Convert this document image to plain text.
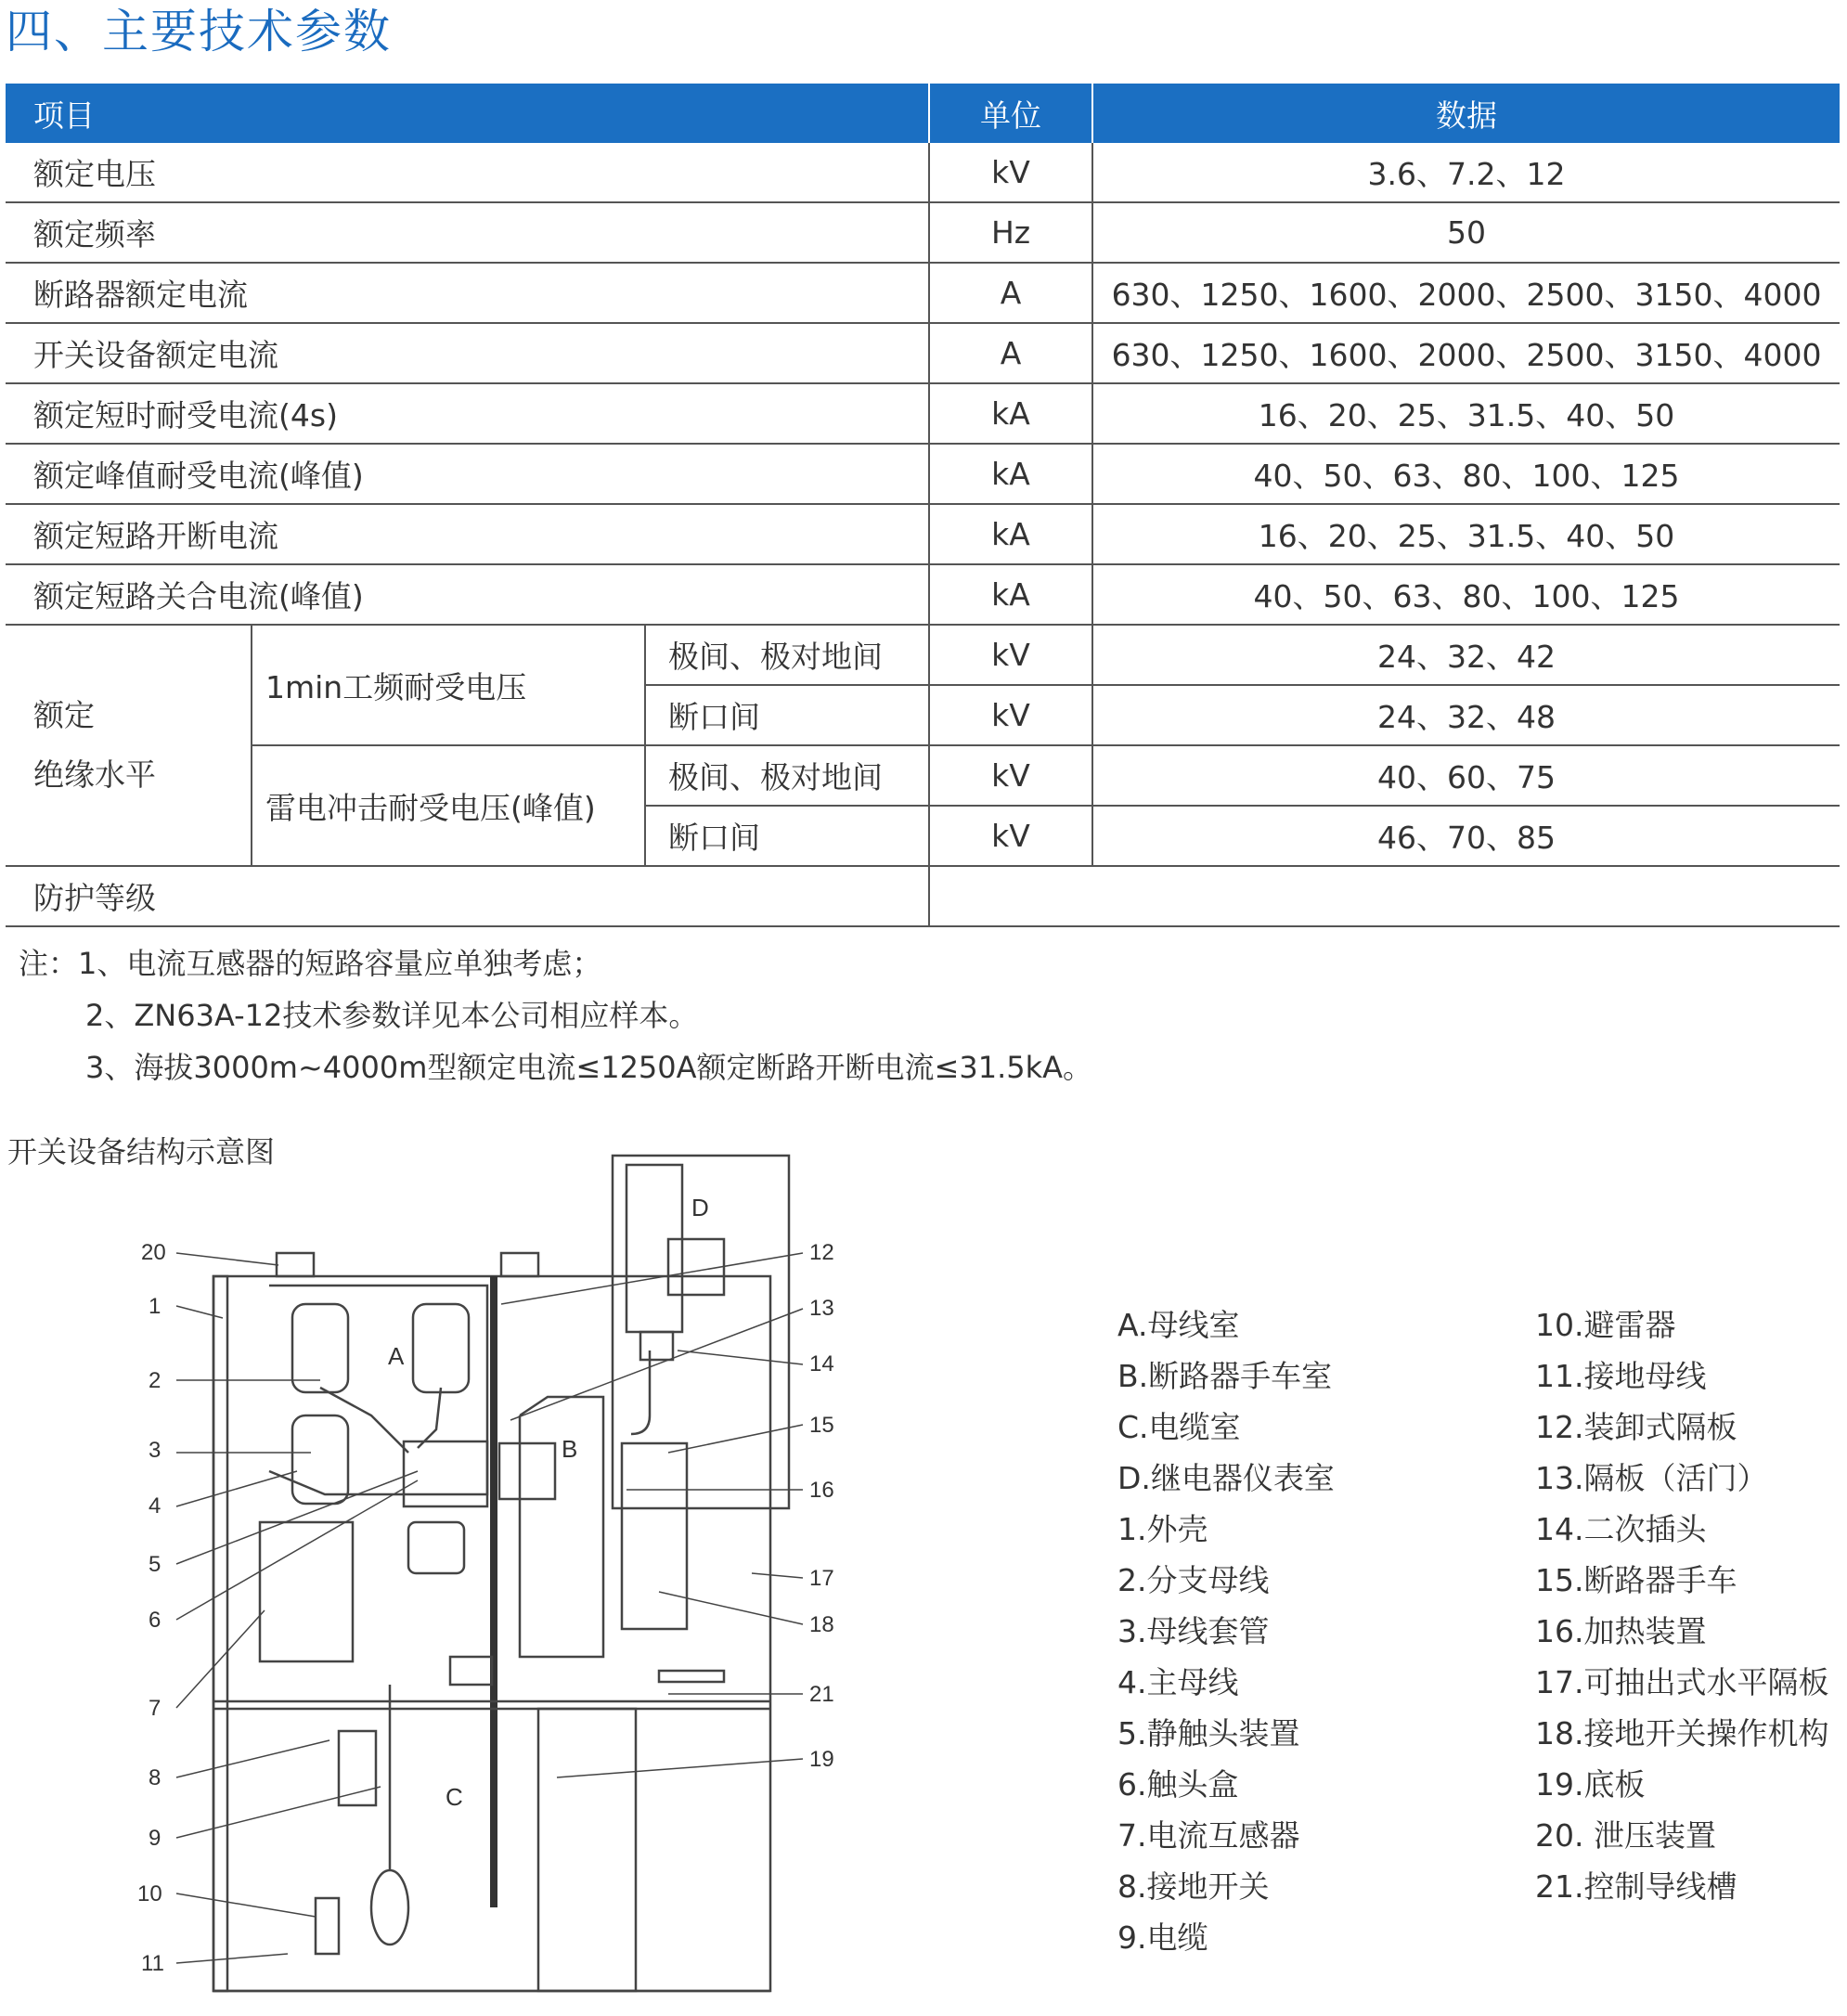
四、主要技术参数
项目			单位	数据
额定电压			kV	3.6、7.2、12
额定频率			Hz	50
断路器额定电流			A	630、1250、1600、2000、2500、3150、4000
开关设备额定电流			A	630、1250、1600、2000、2500、3150、4000
额定短时耐受电流(4s)			kA	16、20、25、31.5、40、50
额定峰值耐受电流(峰值)			kA	40、50、63、80、100、125
额定短路开断电流			kA	16、20、25、31.5、40、50
额定短路关合电流(峰值)			kA	40、50、63、80、100、125

额定
绝缘水平	1min工频耐受电压	极间、极对地间	kV	24、32、42
		断口间	kV	24、32、48
	雷电冲击耐受电压(峰值)	极间、极对地间	kV	40、60、75
		断口间	kV	46、70、85
防护等级				
注：1、电流互感器的短路容量应单独考虑；
2、ZN63A-12技术参数详见本公司相应样本。
3、海拔3000m~4000m型额定电流≤1250A额定断路开断电流≤31.5kA。
开关设备结构示意图
A
B
C
D
20
1
2
3
4
5
6
7
8
9
10
11
12
13
14
15
16
17
18
21
19
A.母线室
B.断路器手车室
C.电缆室
D.继电器仪表室
1.外壳
2.分支母线
3.母线套管
4.主母线
5.静触头装置
6.触头盒
7.电流互感器
8.接地开关
9.电缆
10.避雷器
11.接地母线
12.装卸式隔板
13.隔板（活门）
14.二次插头
15.断路器手车
16.加热装置
17.可抽出式水平隔板
18.接地开关操作机构
19.底板
20. 泄压装置
21.控制导线槽
